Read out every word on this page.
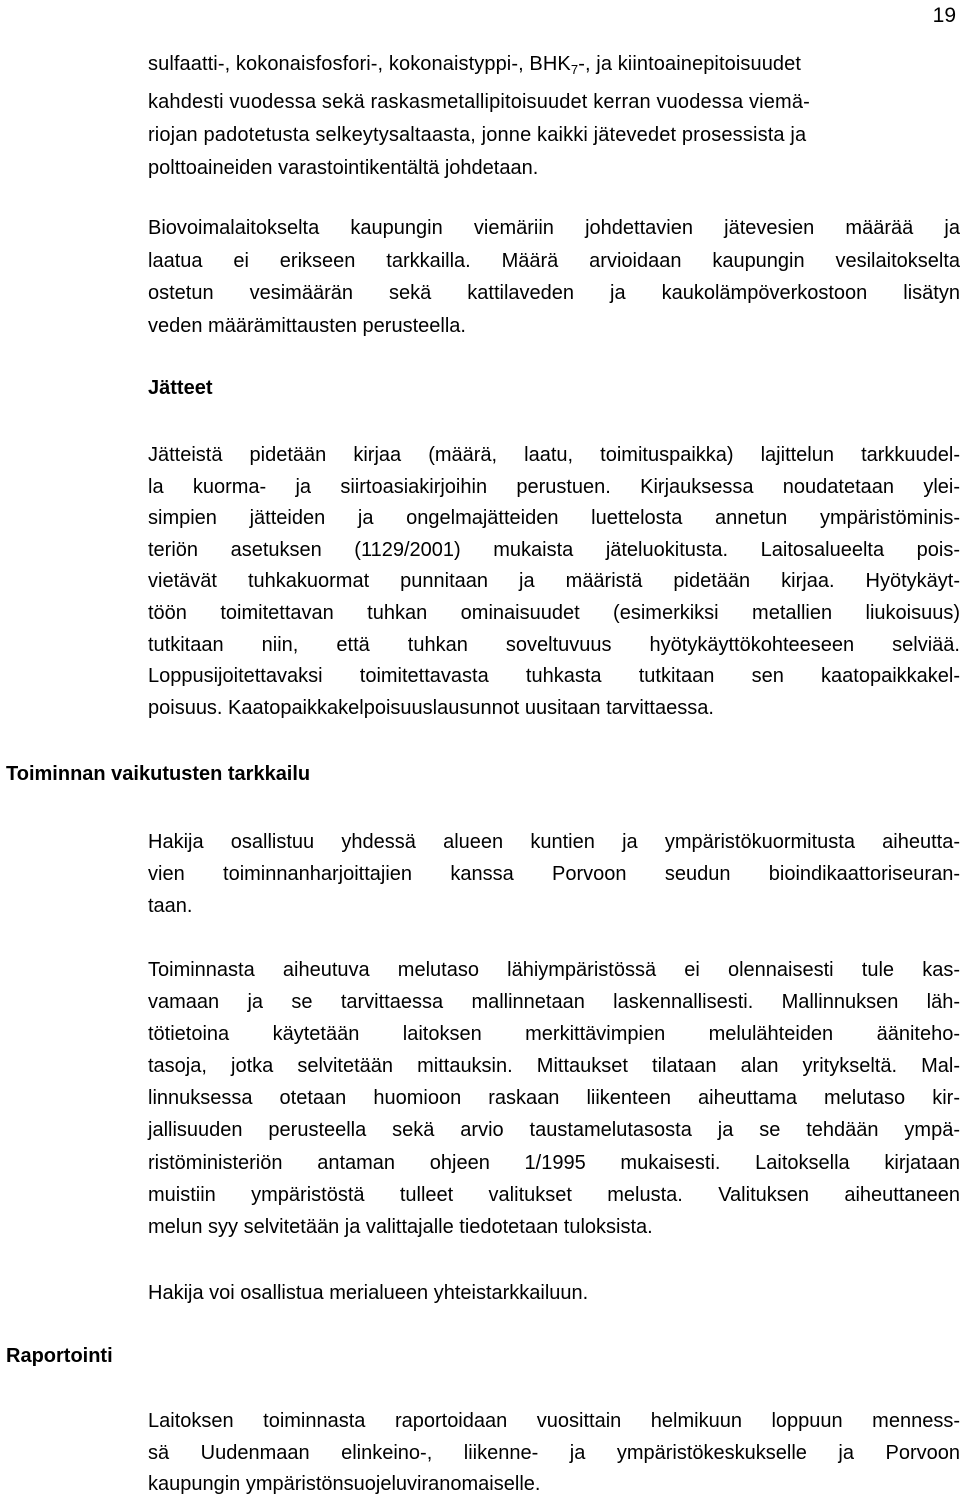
19
sulfaatti-, kokonaisfosfori-, kokonaistyppi-, $BHK_7-$, ja kiintoainepitoisuudet
kahdesti vuodessa sekä raskasmetallipitoisuudet kerran vuodessa viemä-
riojan padotetusta selkeytysaltaasta, jonne kaikki jätevedet prosessista ja
polttoaineiden varastointikentältä johdetaan.
Biovoimalaitokselta kaupungin viemäriin johdettavien jätevesien määrää ja
laatua ei erikseen tarkkailla. Määrä arvioidaan kaupungin vesilaitokselta
ostetun vesimäärän sekä kattilaveden ja kaukolämpöverkostoon lisätyn
veden määrämittausten perusteella.
Jätteet
Jätteistä pidetään kirjaa (määrä, laatu, toimituspaikka) lajittelun tarkkuudel-
la kuorma- ja siirtoasiakirjoihin perustuen. Kirjauksessa noudatetaan ylei-
simpien jätteiden ja ongelmajätteiden luettelosta annetun ympäristöminis-
teriön asetuksen (1129/2001) mukaista jäteluokitusta. Laitosalueelta pois-
vietävät tuhkakuormat punnitaan ja määristä pidetään kirjaa. Hyötykäyt-
töön toimitettavan tuhkan ominaisuudet (esimerkiksi metallien liukoisuus)
tutkitaan niin, että tuhkan soveltuvuus hyötykäyttökohteeseen selviää.
Loppusijoitettavaksi toimitettavasta tuhkasta tutkitaan sen kaatopaikkakel-
poisuus. Kaatopaikkakelpoisuuslausunnot uusitaan tarvittaessa.
Toiminnan vaikutusten tarkkailu
Hakija osallistuu yhdessä alueen kuntien ja ympäristökuormitusta aiheutta-
vien toiminnanharjoittajien kanssa Porvoon seudun bioindikaattoriseuran-
taan.
Toiminnasta aiheutuva melutaso lähiympäristössä ei olennaisesti tule kas-
vamaan ja se tarvittaessa mallinnetaan laskennallisesti. Mallinnuksen läh-
tötietoina käytetään laitoksen merkittävimpien melulähteiden äänitehо-
tasoja, jotka selvitetään mittauksin. Mittaukset tilataan alan yritykseltä. Mal-
linnuksessa otetaan huomioon raskaan liikenteen aiheuttama melutaso kir-
jallisuuden perusteella sekä arvio taustamelutasosta ja se tehdään ympä-
ristöministeriön antaman ohjeen 1/1995 mukaisesti. Laitoksella kirjataan
muistiin ympäristöstä tulleet valitukset melusta. Valituksen aiheuttaneen
melun syy selvitetään ja valittajalle tiedotetaan tuloksista.
Hakija voi osallistua merialueen yhteistarkkailuun.
Raportointi
Laitoksen toiminnasta raportoidaan vuosittain helmikuun loppuun menness-
sä Uudenmaan elinkeino-, liikenne- ja ympäristökeskukselle ja Porvoon
kaupungin ympäristönsuojeluviranomaiselle.
